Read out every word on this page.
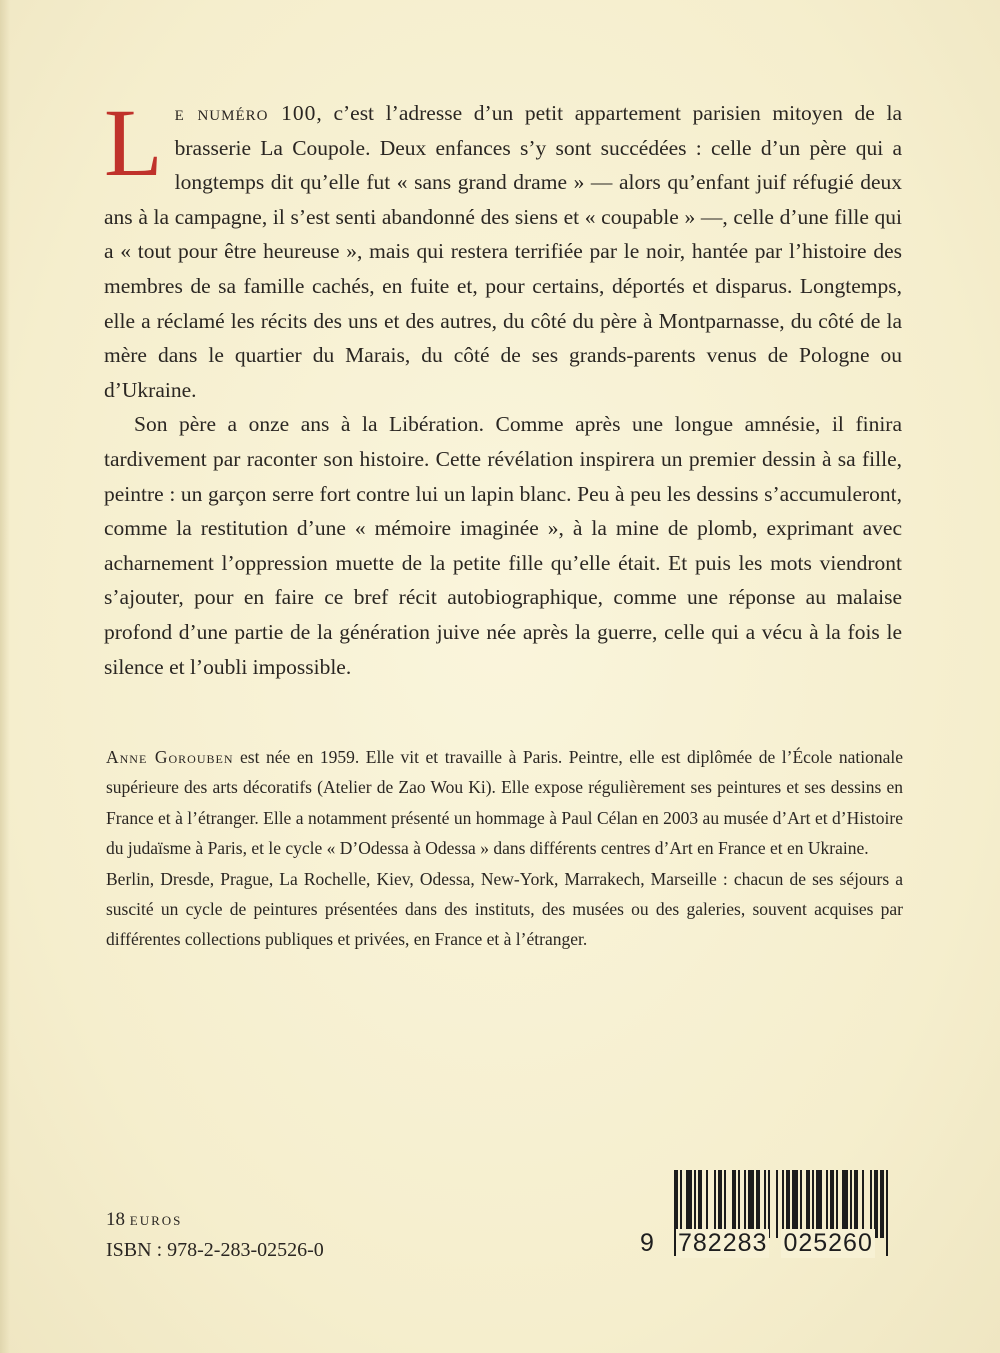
Le numéro 100, c’est l’adresse d’un petit appartement parisien mitoyen de la brasserie La Coupole. Deux enfances s’y sont succédées : celle d’un père qui a longtemps dit qu’elle fut « sans grand drame » — alors qu’enfant juif réfugié deux ans à la campagne, il s’est senti abandonné des siens et « coupable » —, celle d’une fille qui a « tout pour être heureuse », mais qui restera terrifiée par le noir, hantée par l’histoire des membres de sa famille cachés, en fuite et, pour certains, déportés et disparus. Longtemps, elle a réclamé les récits des uns et des autres, du côté du père à Montparnasse, du côté de la mère dans le quartier du Marais, du côté de ses grands-parents venus de Pologne ou d’Ukraine.

Son père a onze ans à la Libération. Comme après une longue amnésie, il finira tardivement par raconter son histoire. Cette révélation inspirera un premier dessin à sa fille, peintre : un garçon serre fort contre lui un lapin blanc. Peu à peu les dessins s’accumuleront, comme la restitution d’une « mémoire imaginée », à la mine de plomb, exprimant avec acharnement l’oppression muette de la petite fille qu’elle était. Et puis les mots viendront s’ajouter, pour en faire ce bref récit autobiographique, comme une réponse au malaise profond d’une partie de la génération juive née après la guerre, celle qui a vécu à la fois le silence et l’oubli impossible.

Anne Gorouben est née en 1959. Elle vit et travaille à Paris. Peintre, elle est diplômée de l’École nationale supérieure des arts décoratifs (Atelier de Zao Wou Ki). Elle expose régulièrement ses peintures et ses dessins en France et à l’étranger. Elle a notamment présenté un hommage à Paul Célan en 2003 au musée d’Art et d’Histoire du judaïsme à Paris, et le cycle « D’Odessa à Odessa » dans différents centres d’Art en France et en Ukraine.

Berlin, Dresde, Prague, La Rochelle, Kiev, Odessa, New-York, Marrakech, Marseille : chacun de ses séjours a suscité un cycle de peintures présentées dans des instituts, des musées ou des galeries, souvent acquises par différentes collections publiques et privées, en France et à l’étranger.

18 euros
ISBN : 978-2-283-02526-0	9 782283 025260
